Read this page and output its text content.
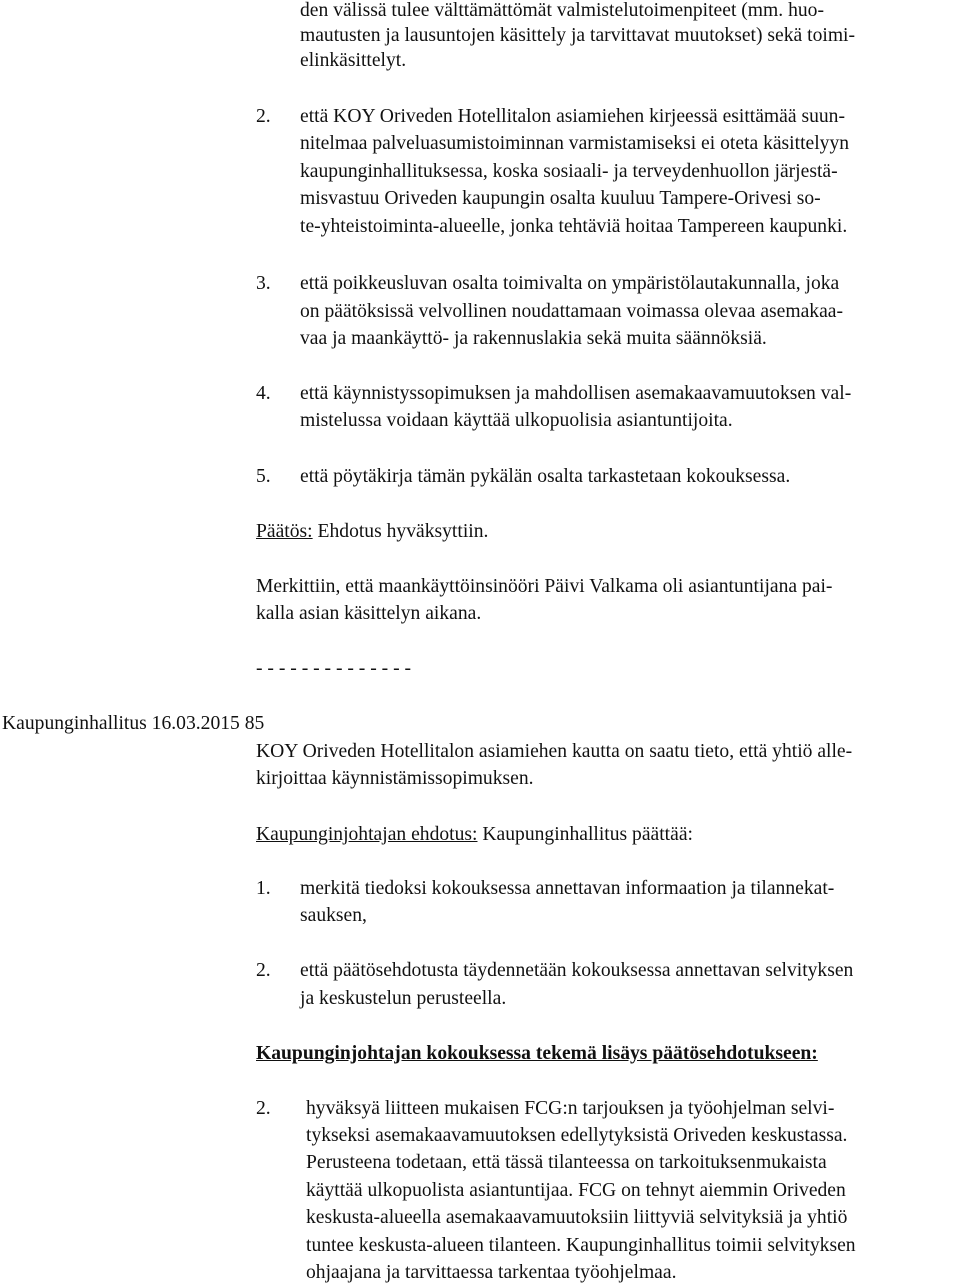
den välissä tulee välttämättömät valmistelutoimenpiteet (mm. huo-
mautusten ja lausuntojen käsittely ja tarvittavat muutokset) sekä toimi-
elinkäsittelyt.
2. että KOY Oriveden Hotellitalon asiamiehen kirjeessä esittämää suun-
nitelmaa palveluasumistoiminnan varmistamiseksi ei oteta käsittelyyn
kaupunginhallituksessa, koska sosiaali- ja terveydenhuollon järjestä-
misvastuu Oriveden kaupungin osalta kuuluu Tampere-Orivesi so-
te-yhteistoiminta-alueelle, jonka tehtäviä hoitaa Tampereen kaupunki.
3. että poikkeusluvan osalta toimivalta on ympäristölautakunnalla, joka
on päätöksissä velvollinen noudattamaan voimassa olevaa asemakaa-
vaa ja maankäyttö- ja rakennuslakia sekä muita säännöksiä.
4. että käynnistyssopimuksen ja mahdollisen asemakaavamuutoksen val-
mistelussa voidaan käyttää ulkopuolisia asiantuntijoita.
5. että pöytäkirja tämän pykälän osalta tarkastetaan kokouksessa.
Päätös: Ehdotus hyväksyttiin.
Merkittiin, että maankäyttöinsinööri Päivi Valkama oli asiantuntijana pai-
kalla asian käsittelyn aikana.
- - - - - - - - - - - - - -
Kaupunginhallitus 16.03.2015 85
KOY Oriveden Hotellitalon asiamiehen kautta on saatu tieto, että yhtiö alle-
kirjoittaa käynnistämissopimuksen.
Kaupunginjohtajan ehdotus: Kaupunginhallitus päättää:
1. merkitä tiedoksi kokouksessa annettavan informaation ja tilannekat-
sauksen,
2. että päätösehdotusta täydennetään kokouksessa annettavan selvityksen
ja keskustelun perusteella.
Kaupunginjohtajan kokouksessa tekemä lisäys päätösehdotukseen:
2. hyväksyä liitteen mukaisen FCG:n tarjouksen ja työohjelman selvi-
tykseksi asemakaavamuutoksen edellytyksistä Oriveden keskustassa.
Perusteena todetaan, että tässä tilanteessa on tarkoituksenmukaista
käyttää ulkopuolista asiantuntijaa. FCG on tehnyt aiemmin Oriveden
keskusta-alueella asemakaavamuutoksiin liittyviä selvityksiä ja yhtiö
tuntee keskusta-alueen tilanteen. Kaupunginhallitus toimii selvityksen
ohjaajana ja tarvittaessa tarkentaa työohjelmaa.
